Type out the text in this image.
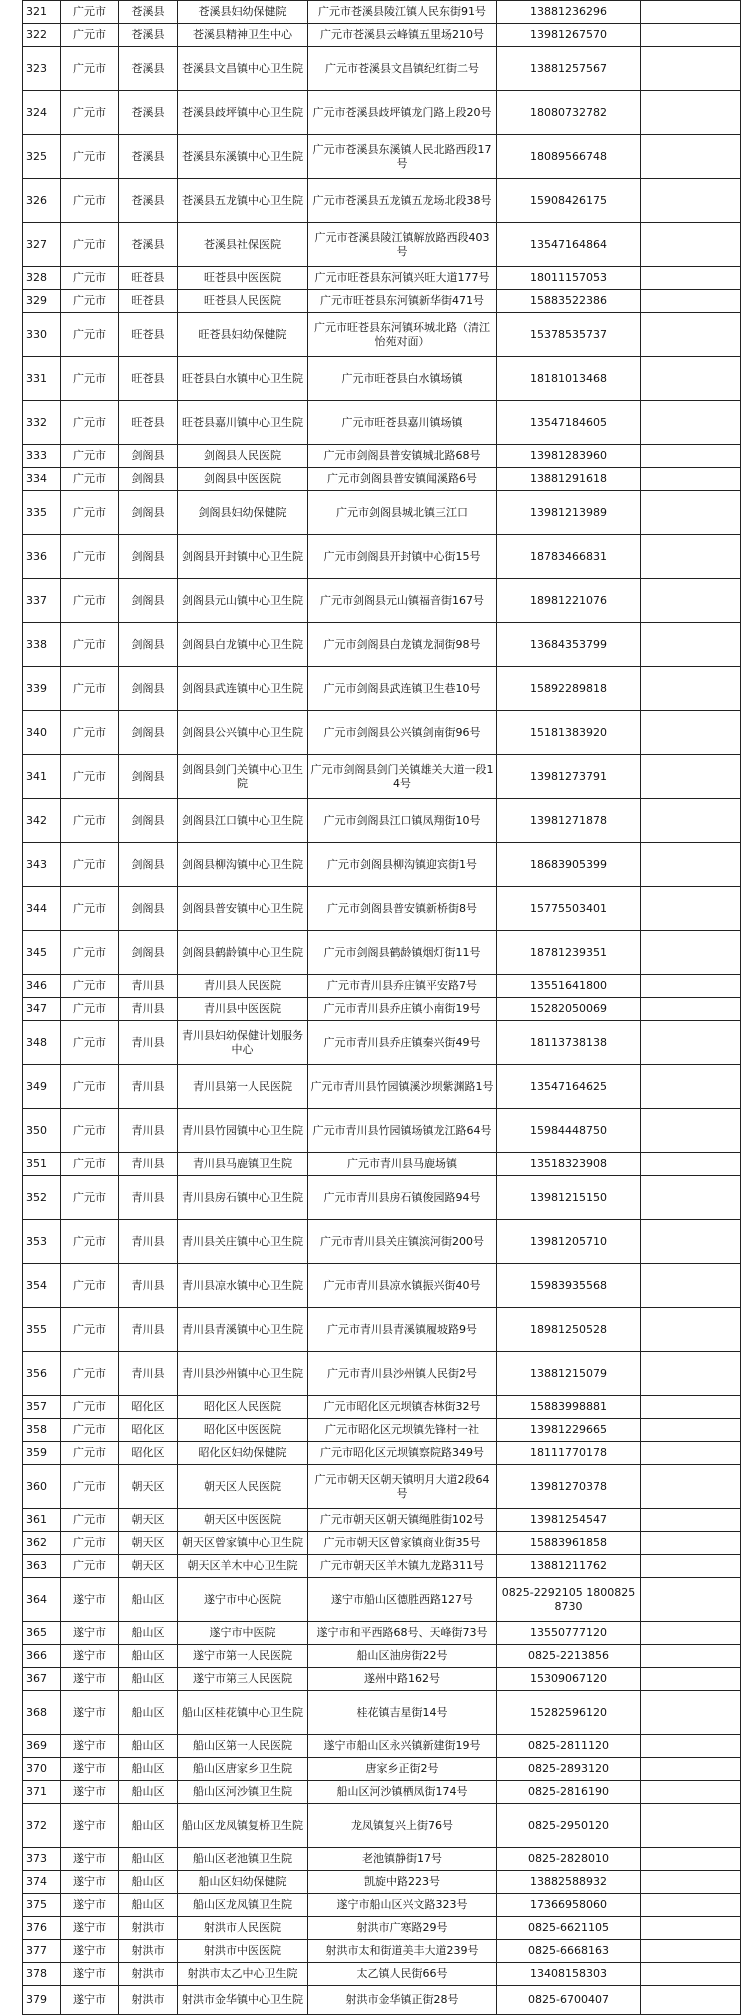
321	广元市	苍溪县	苍溪县妇幼保健院	广元市苍溪县陵江镇人民东街91号	13881236296	
322	广元市	苍溪县	苍溪县精神卫生中心	广元市苍溪县云峰镇五里场210号	13981267570	
323	广元市	苍溪县	苍溪县文昌镇中心卫生院	广元市苍溪县文昌镇纪红街二号	13881257567	
324	广元市	苍溪县	苍溪县歧坪镇中心卫生院	广元市苍溪县歧坪镇龙门路上段20号	18080732782	
325	广元市	苍溪县	苍溪县东溪镇中心卫生院	广元市苍溪县东溪镇人民北路西段17号	18089566748	
326	广元市	苍溪县	苍溪县五龙镇中心卫生院	广元市苍溪县五龙镇五龙场北段38号	15908426175	
327	广元市	苍溪县	苍溪县社保医院	广元市苍溪县陵江镇解放路西段403号	13547164864	
328	广元市	旺苍县	旺苍县中医医院	广元市旺苍县东河镇兴旺大道177号	18011157053	
329	广元市	旺苍县	旺苍县人民医院	广元市旺苍县东河镇新华街471号	15883522386	
330	广元市	旺苍县	旺苍县妇幼保健院	广元市旺苍县东河镇环城北路（清江怡苑对面）	15378535737	
331	广元市	旺苍县	旺苍县白水镇中心卫生院	广元市旺苍县白水镇场镇	18181013468	
332	广元市	旺苍县	旺苍县嘉川镇中心卫生院	广元市旺苍县嘉川镇场镇	13547184605	
333	广元市	剑阁县	剑阁县人民医院	广元市剑阁县普安镇城北路68号	13981283960	
334	广元市	剑阁县	剑阁县中医医院	广元市剑阁县普安镇闻溪路6号	13881291618	
335	广元市	剑阁县	剑阁县妇幼保健院	广元市剑阁县城北镇三江口	13981213989	
336	广元市	剑阁县	剑阁县开封镇中心卫生院	广元市剑阁县开封镇中心街15号	18783466831	
337	广元市	剑阁县	剑阁县元山镇中心卫生院	广元市剑阁县元山镇福音街167号	18981221076	
338	广元市	剑阁县	剑阁县白龙镇中心卫生院	广元市剑阁县白龙镇龙洞街98号	13684353799	
339	广元市	剑阁县	剑阁县武连镇中心卫生院	广元市剑阁县武连镇卫生巷10号	15892289818	
340	广元市	剑阁县	剑阁县公兴镇中心卫生院	广元市剑阁县公兴镇剑南街96号	15181383920	
341	广元市	剑阁县	剑阁县剑门关镇中心卫生院	广元市剑阁县剑门关镇雄关大道一段14号	13981273791	
342	广元市	剑阁县	剑阁县江口镇中心卫生院	广元市剑阁县江口镇凤翔街10号	13981271878	
343	广元市	剑阁县	剑阁县柳沟镇中心卫生院	广元市剑阁县柳沟镇迎宾街1号	18683905399	
344	广元市	剑阁县	剑阁县普安镇中心卫生院	广元市剑阁县普安镇新桥街8号	15775503401	
345	广元市	剑阁县	剑阁县鹤龄镇中心卫生院	广元市剑阁县鹤龄镇烟灯街11号	18781239351	
346	广元市	青川县	青川县人民医院	广元市青川县乔庄镇平安路7号	13551641800	
347	广元市	青川县	青川县中医医院	广元市青川县乔庄镇小南街19号	15282050069	
348	广元市	青川县	青川县妇幼保健计划服务中心	广元市青川县乔庄镇秦兴街49号	18113738138	
349	广元市	青川县	青川县第一人民医院	广元市青川县竹园镇溪沙坝紫渊路1号	13547164625	
350	广元市	青川县	青川县竹园镇中心卫生院	广元市青川县竹园镇场镇龙江路64号	15984448750	
351	广元市	青川县	青川县马鹿镇卫生院	广元市青川县马鹿场镇	13518323908	
352	广元市	青川县	青川县房石镇中心卫生院	广元市青川县房石镇俊园路94号	13981215150	
353	广元市	青川县	青川县关庄镇中心卫生院	广元市青川县关庄镇滨河街200号	13981205710	
354	广元市	青川县	青川县凉水镇中心卫生院	广元市青川县凉水镇振兴街40号	15983935568	
355	广元市	青川县	青川县青溪镇中心卫生院	广元市青川县青溪镇履坡路9号	18981250528	
356	广元市	青川县	青川县沙州镇中心卫生院	广元市青川县沙州镇人民街2号	13881215079	
357	广元市	昭化区	昭化区人民医院	广元市昭化区元坝镇杏林街32号	15883998881	
358	广元市	昭化区	昭化区中医医院	广元市昭化区元坝镇先锋村一社	13981229665	
359	广元市	昭化区	昭化区妇幼保健院	广元市昭化区元坝镇察院路349号	18111770178	
360	广元市	朝天区	朝天区人民医院	广元市朝天区朝天镇明月大道2段64号	13981270378	
361	广元市	朝天区	朝天区中医医院	广元市朝天区朝天镇绳胜街102号	13981254547	
362	广元市	朝天区	朝天区曾家镇中心卫生院	广元市朝天区曾家镇商业街35号	15883961858	
363	广元市	朝天区	朝天区羊木中心卫生院	广元市朝天区羊木镇九龙路311号	13881211762	
364	遂宁市	船山区	遂宁市中心医院	遂宁市船山区德胜西路127号	0825-2292105 18008258730	
365	遂宁市	船山区	遂宁市中医院	遂宁市和平西路68号、天峰街73号	13550777120	
366	遂宁市	船山区	遂宁市第一人民医院	船山区油房街22号	0825-2213856	
367	遂宁市	船山区	遂宁市第三人民医院	遂州中路162号	15309067120	
368	遂宁市	船山区	船山区桂花镇中心卫生院	桂花镇吉星街14号	15282596120	
369	遂宁市	船山区	船山区第一人民医院	遂宁市船山区永兴镇新建街19号	0825-2811120	
370	遂宁市	船山区	船山区唐家乡卫生院	唐家乡正街2号	0825-2893120	
371	遂宁市	船山区	船山区河沙镇卫生院	船山区河沙镇栖凤街174号	0825-2816190	
372	遂宁市	船山区	船山区龙凤镇复桥卫生院	龙凤镇复兴上街76号	0825-2950120	
373	遂宁市	船山区	船山区老池镇卫生院	老池镇静街17号	0825-2828010	
374	遂宁市	船山区	船山区妇幼保健院	凯旋中路223号	13882588932	
375	遂宁市	船山区	船山区龙凤镇卫生院	遂宁市船山区兴文路323号	17366958060	
376	遂宁市	射洪市	射洪市人民医院	射洪市广寒路29号	0825-6621105	
377	遂宁市	射洪市	射洪市中医医院	射洪市太和街道美丰大道239号	0825-6668163	
378	遂宁市	射洪市	射洪市太乙中心卫生院	太乙镇人民街66号	13408158303	
379	遂宁市	射洪市	射洪市金华镇中心卫生院	射洪市金华镇正街28号	0825-6700407	
